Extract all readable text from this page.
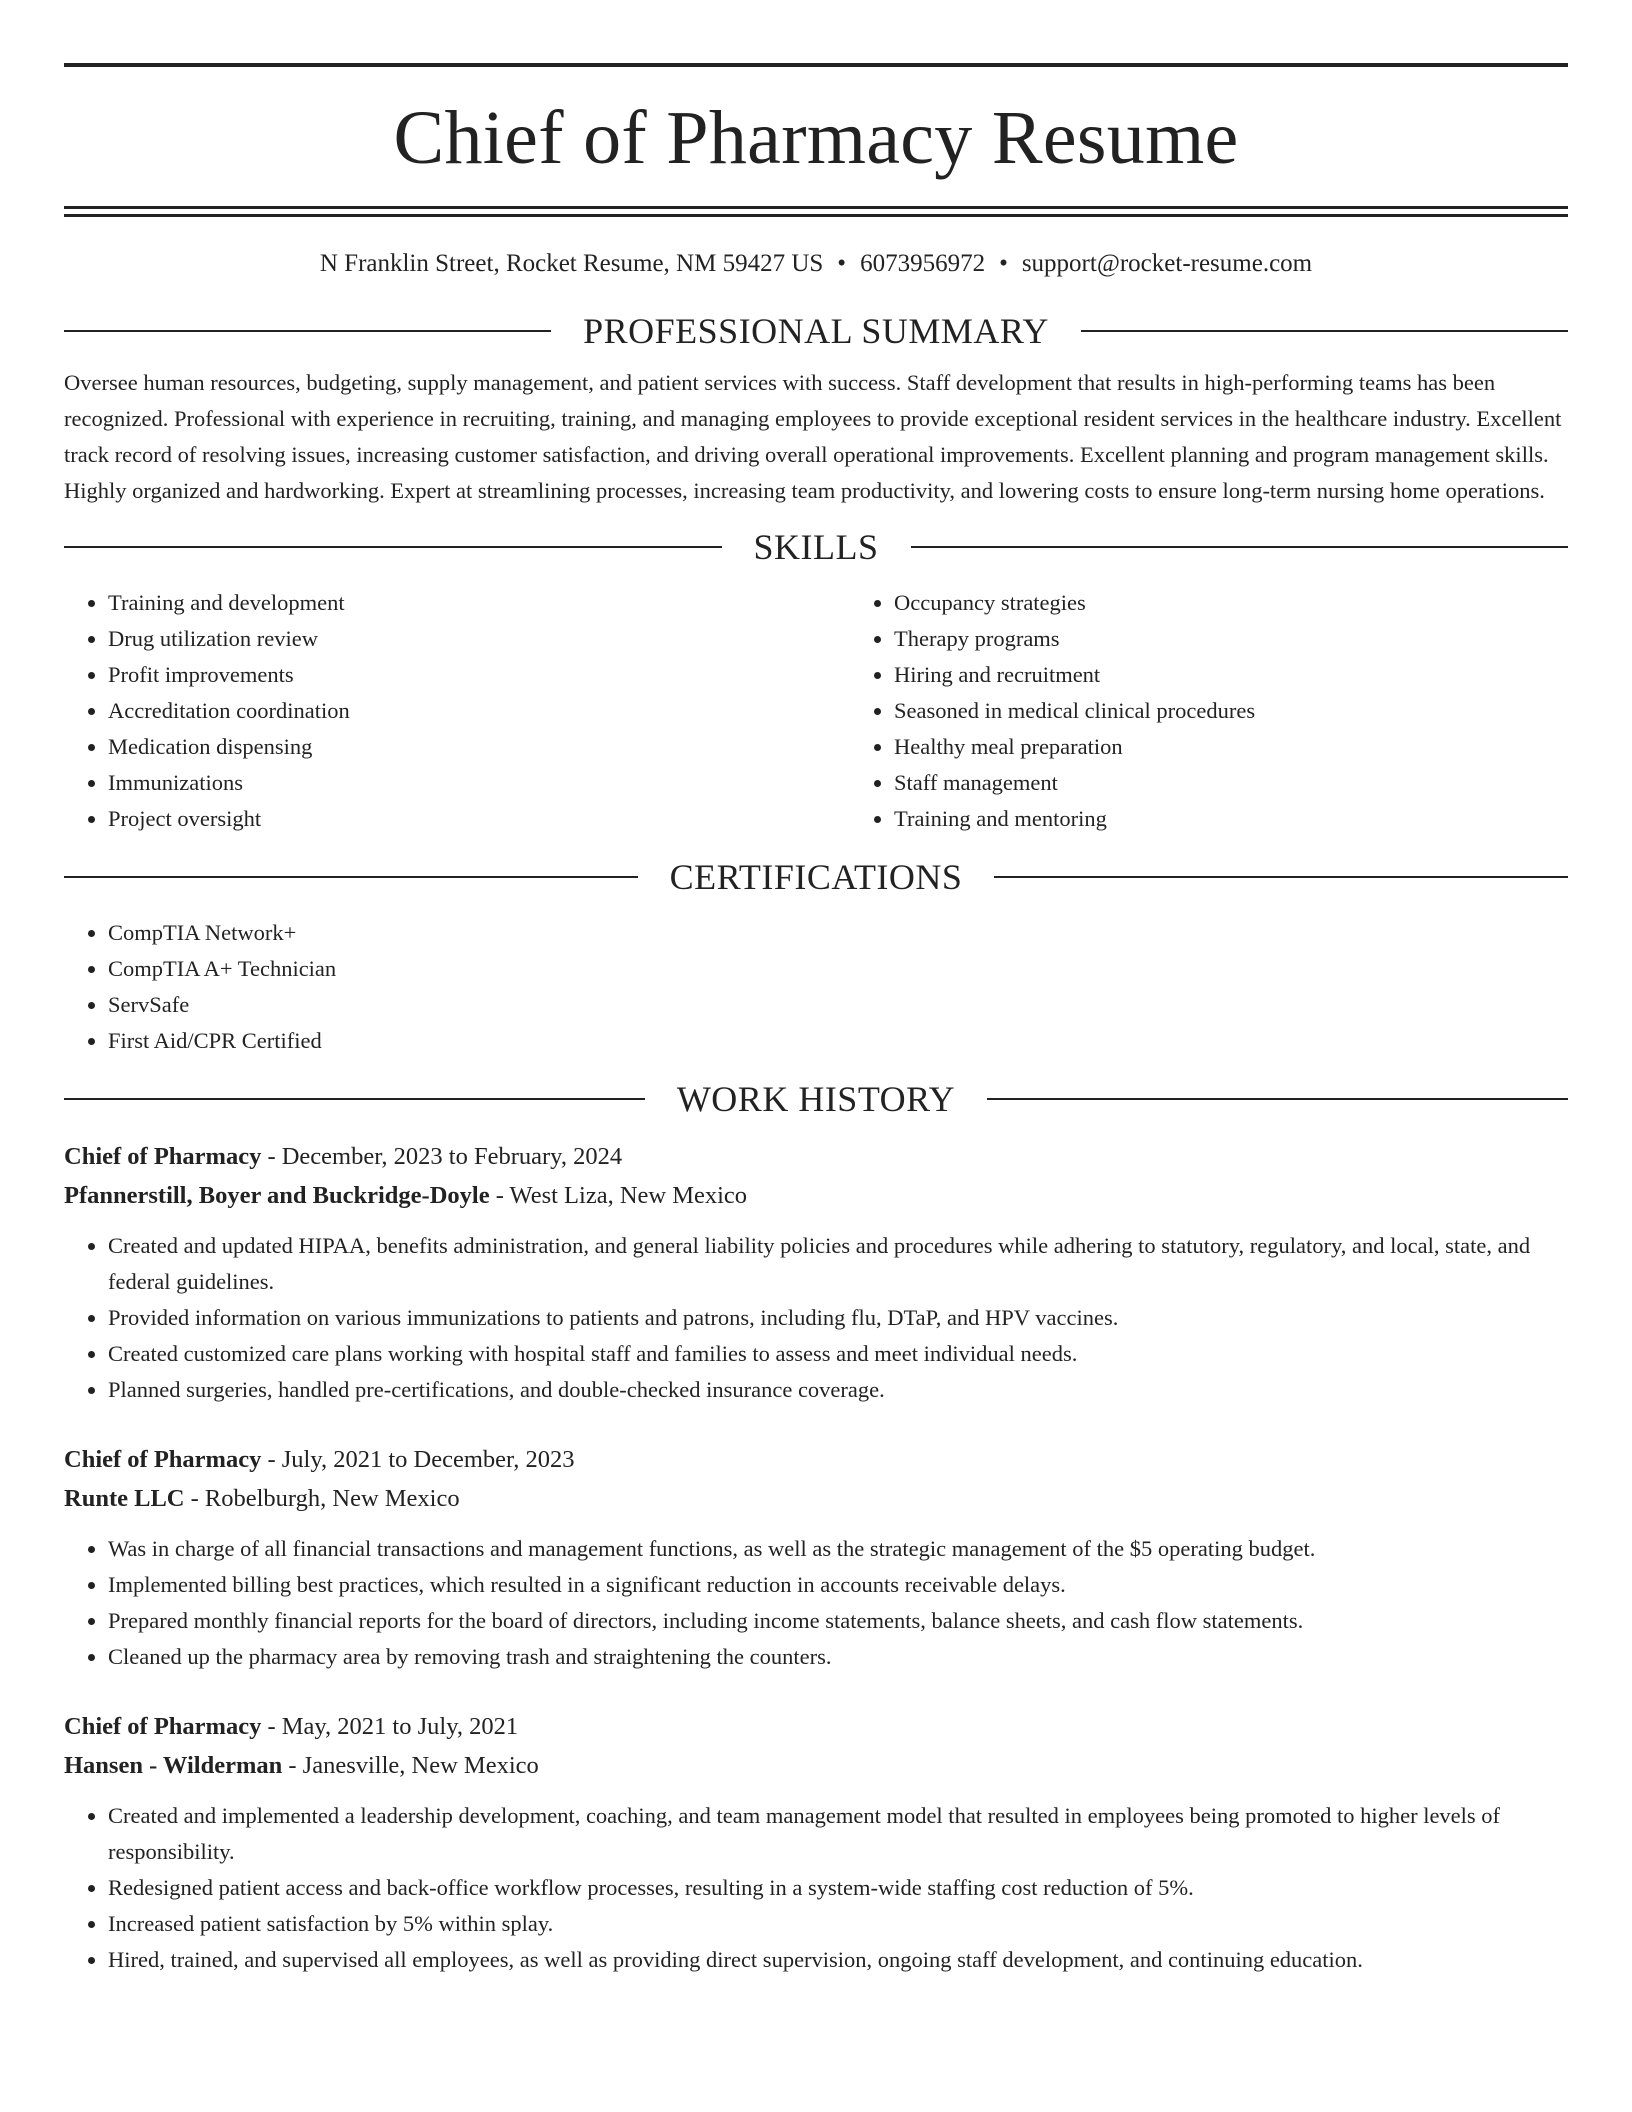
Chief of Pharmacy Resume
N Franklin Street, Rocket Resume, NM 59427 US • 6073956972 • support@rocket-resume.com
PROFESSIONAL SUMMARY

Oversee human resources, budgeting, supply management, and patient services with success. Staff development that results in high-performing teams has been recognized. Professional with experience in recruiting, training, and managing employees to provide exceptional resident services in the healthcare industry. Excellent track record of resolving issues, increasing customer satisfaction, and driving overall operational improvements. Excellent planning and program management skills. Highly organized and hardworking. Expert at streamlining processes, increasing team productivity, and lowering costs to ensure long-term nursing home operations.

SKILLS
• Training and development
• Drug utilization review
• Profit improvements
• Accreditation coordination
• Medication dispensing
• Immunizations
• Project oversight
• Occupancy strategies
• Therapy programs
• Hiring and recruitment
• Seasoned in medical clinical procedures
• Healthy meal preparation
• Staff management
• Training and mentoring
CERTIFICATIONS
• CompTIA Network+
• CompTIA A+ Technician
• ServSafe
• First Aid/CPR Certified
WORK HISTORY
Chief of Pharmacy - December, 2023 to February, 2024
Pfannerstill, Boyer and Buckridge-Doyle - West Liza, New Mexico
• Created and updated HIPAA, benefits administration, and general liability policies and procedures while adhering to statutory, regulatory, and local, state, and federal guidelines.
• Provided information on various immunizations to patients and patrons, including flu, DTaP, and HPV vaccines.
• Created customized care plans working with hospital staff and families to assess and meet individual needs.
• Planned surgeries, handled pre-certifications, and double-checked insurance coverage.
Chief of Pharmacy - July, 2021 to December, 2023
Runte LLC - Robelburgh, New Mexico
• Was in charge of all financial transactions and management functions, as well as the strategic management of the $5 operating budget.
• Implemented billing best practices, which resulted in a significant reduction in accounts receivable delays.
• Prepared monthly financial reports for the board of directors, including income statements, balance sheets, and cash flow statements.
• Cleaned up the pharmacy area by removing trash and straightening the counters.
Chief of Pharmacy - May, 2021 to July, 2021
Hansen - Wilderman - Janesville, New Mexico
• Created and implemented a leadership development, coaching, and team management model that resulted in employees being promoted to higher levels of responsibility.
• Redesigned patient access and back-office workflow processes, resulting in a system-wide staffing cost reduction of 5%.
• Increased patient satisfaction by 5% within splay.
• Hired, trained, and supervised all employees, as well as providing direct supervision, ongoing staff development, and continuing education.
